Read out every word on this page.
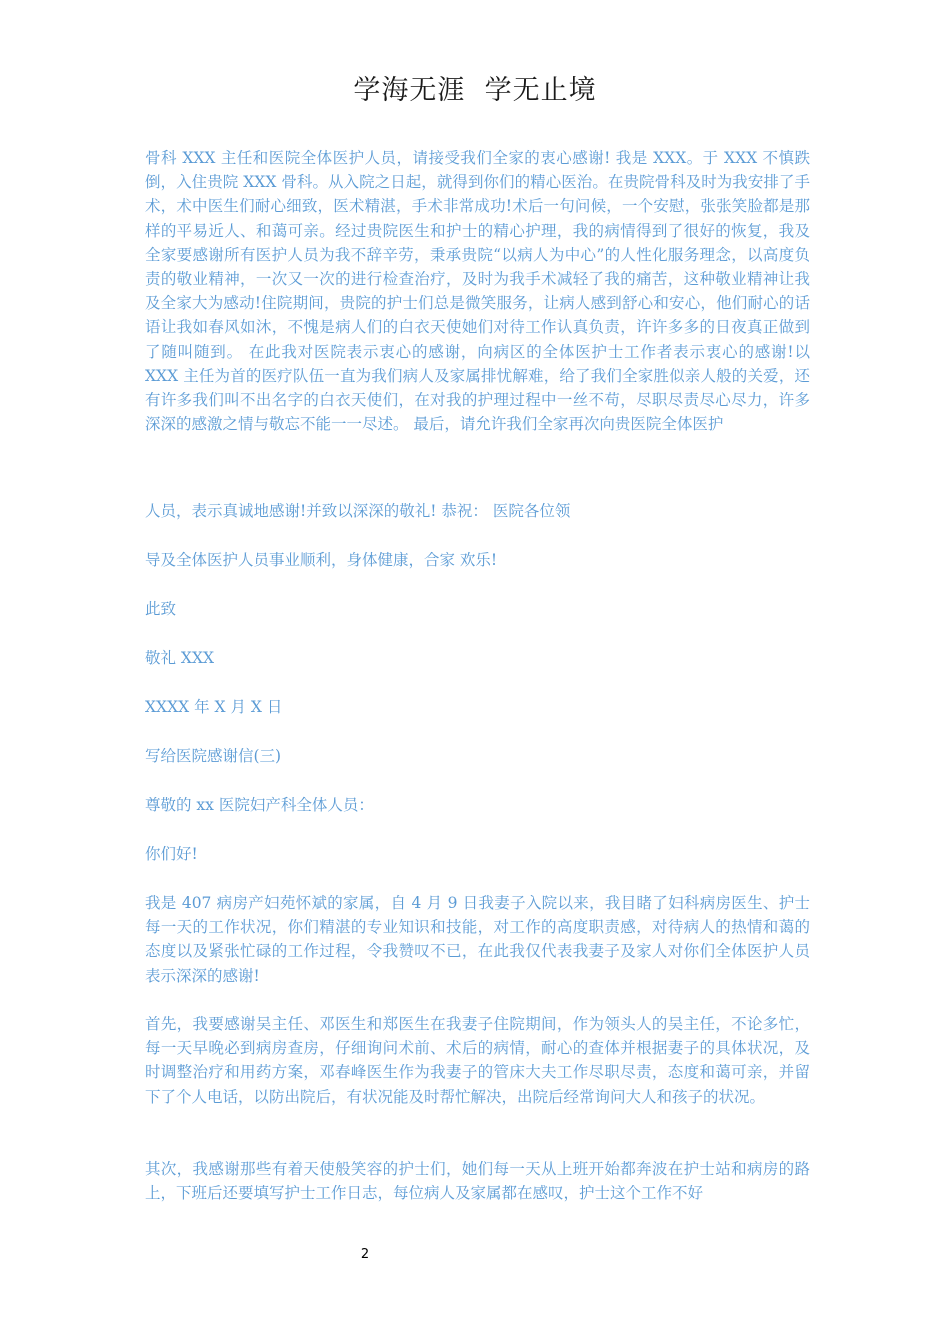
学海无涯  学无止境

骨科 XXX 主任和医院全体医护人员，请接受我们全家的衷心感谢! 我是 XXX。于 XXX 不慎跌倒，入住贵院 XXX 骨科。从入院之日起，就得到你们的精心医治。在贵院骨科及时为我安排了手术，术中医生们耐心细致，医术精湛，手术非常成功!术后一句问候，一个安慰，张张笑脸都是那样的平易近人、和蔼可亲。经过贵院医生和护士的精心护理，我的病情得到了很好的恢复，我及全家要感谢所有医护人员为我不辞辛劳，秉承贵院“以病人为中心”的人性化服务理念，以高度负责的敬业精神，一次又一次的进行检查治疗，及时为我手术减轻了我的痛苦，这种敬业精神让我及全家大为感动!住院期间，贵院的护士们总是微笑服务，让病人感到舒心和安心，他们耐心的话语让我如春风如沐，不愧是病人们的白衣天使她们对待工作认真负责，许许多多的日夜真正做到了随叫随到。 在此我对医院表示衷心的感谢，向病区的全体医护士工作者表示衷心的感谢!以 XXX 主任为首的医疗队伍一直为我们病人及家属排忧解难，给了我们全家胜似亲人般的关爱，还有许多我们叫不出名字的白衣天使们，在对我的护理过程中一丝不苟，尽职尽责尽心尽力，许多深深的感激之情与敬忘不能一一尽述。 最后，请允许我们全家再次向贵医院全体医护

人员，表示真诚地感谢!并致以深深的敬礼! 恭祝： 医院各位领

导及全体医护人员事业顺利，身体健康，合家 欢乐!

此致

敬礼 XXX

XXXX 年 X 月 X 日

写给医院感谢信(三)

尊敬的 xx 医院妇产科全体人员：

你们好!

我是 407 病房产妇苑怀斌的家属，自 4 月 9 日我妻子入院以来，我目睹了妇科病房医生、护士每一天的工作状况，你们精湛的专业知识和技能，对工作的高度职责感，对待病人的热情和蔼的态度以及紧张忙碌的工作过程，令我赞叹不已，在此我仅代表我妻子及家人对你们全体医护人员表示深深的感谢!

首先，我要感谢吴主任、邓医生和郑医生在我妻子住院期间，作为领头人的吴主任，不论多忙，每一天早晚必到病房查房，仔细询问术前、术后的病情，耐心的查体并根据妻子的具体状况，及时调整治疗和用药方案，邓春峰医生作为我妻子的管床大夫工作尽职尽责，态度和蔼可亲，并留下了个人电话，以防出院后，有状况能及时帮忙解决，出院后经常询问大人和孩子的状况。

其次，我感谢那些有着天使般笑容的护士们，她们每一天从上班开始都奔波在护士站和病房的路上，下班后还要填写护士工作日志，每位病人及家属都在感叹，护士这个工作不好

2
